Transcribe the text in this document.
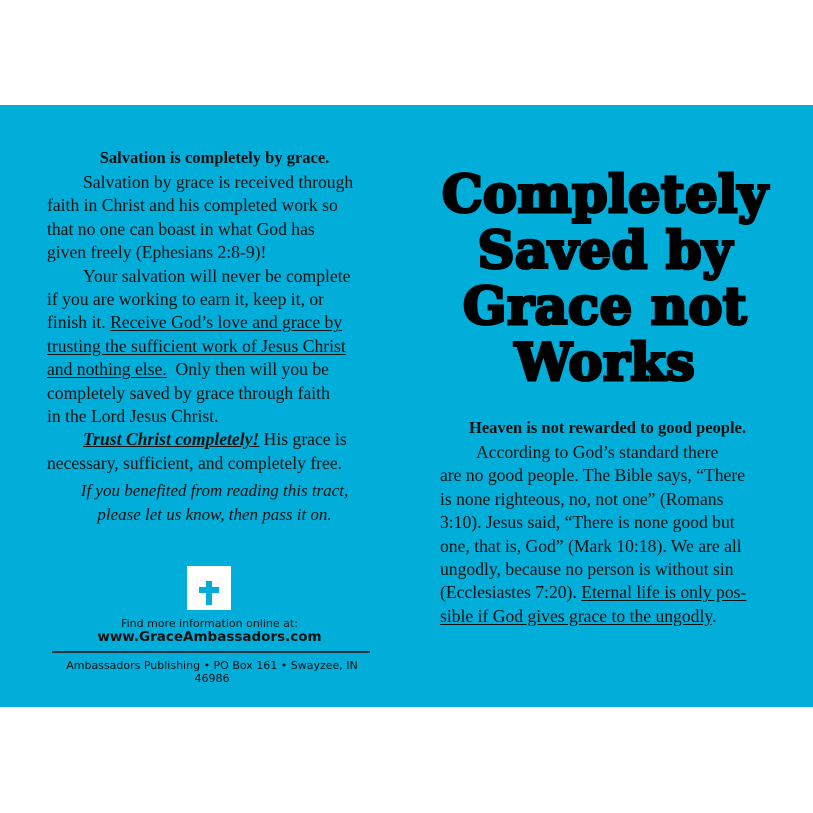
Salvation is completely by grace.
Salvation by grace is received through
faith in Christ and his completed work so
that no one can boast in what God has
given freely (Ephesians 2:8-9)!
Your salvation will never be complete
if you are working to earn it, keep it, or
finish it. Receive God’s love and grace by
trusting the sufficient work of Jesus Christ
and nothing else.  Only then will you be
completely saved by grace through faith
in the Lord Jesus Christ.
Trust Christ completely! His grace is
necessary, sufficient, and completely free.
If you benefited from reading this tract,
please let us know, then pass it on.
Find more information online at:
www.GraceAmbassadors.com
Ambassadors Publishing • PO Box 161 • Swayzee, IN 46986
Completely
Saved by
Grace not
Works
Heaven is not rewarded to good people.
According to God’s standard there
are no good people. The Bible says, “There
is none righteous, no, not one” (Romans
3:10). Jesus said, “There is none good but
one, that is, God” (Mark 10:18). We are all
ungodly, because no person is without sin
(Ecclesiastes 7:20). Eternal life is only pos-
sible if God gives grace to the ungodly.
